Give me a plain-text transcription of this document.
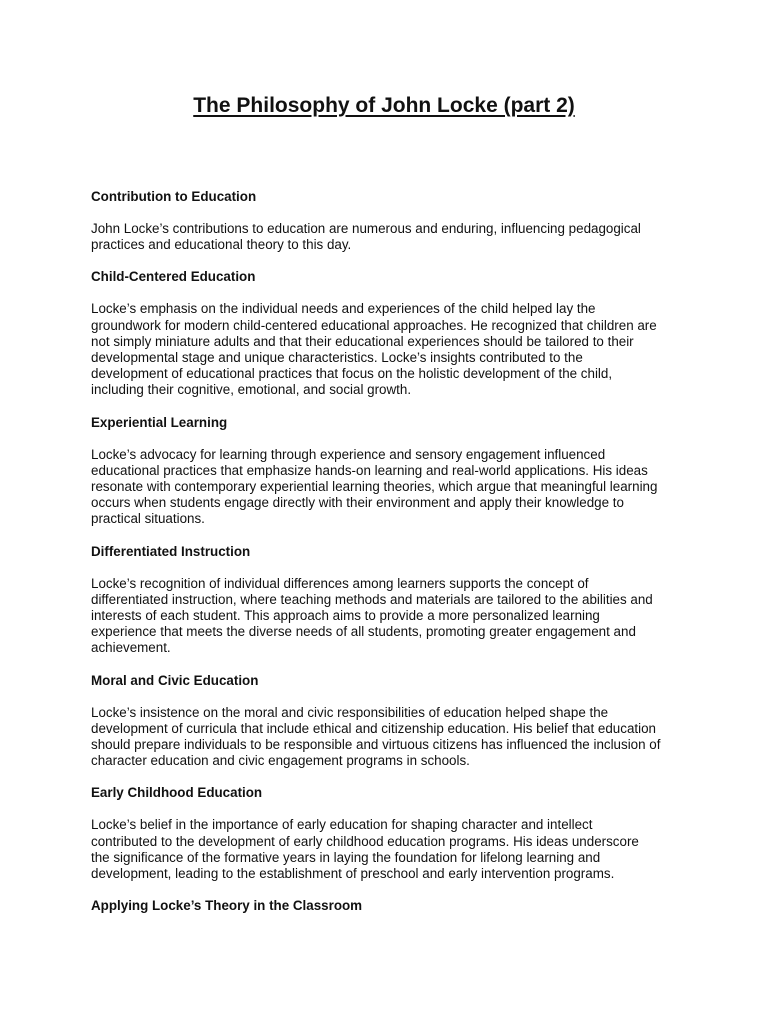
The Philosophy of John Locke (part 2)
Contribution to Education
John Locke’s contributions to education are numerous and enduring, influencing pedagogical
practices and educational theory to this day.
Child-Centered Education
Locke’s emphasis on the individual needs and experiences of the child helped lay the
groundwork for modern child-centered educational approaches. He recognized that children are
not simply miniature adults and that their educational experiences should be tailored to their
developmental stage and unique characteristics. Locke’s insights contributed to the
development of educational practices that focus on the holistic development of the child,
including their cognitive, emotional, and social growth.
Experiential Learning
Locke’s advocacy for learning through experience and sensory engagement influenced
educational practices that emphasize hands-on learning and real-world applications. His ideas
resonate with contemporary experiential learning theories, which argue that meaningful learning
occurs when students engage directly with their environment and apply their knowledge to
practical situations.
Differentiated Instruction
Locke’s recognition of individual differences among learners supports the concept of
differentiated instruction, where teaching methods and materials are tailored to the abilities and
interests of each student. This approach aims to provide a more personalized learning
experience that meets the diverse needs of all students, promoting greater engagement and
achievement.
Moral and Civic Education
Locke’s insistence on the moral and civic responsibilities of education helped shape the
development of curricula that include ethical and citizenship education. His belief that education
should prepare individuals to be responsible and virtuous citizens has influenced the inclusion of
character education and civic engagement programs in schools.
Early Childhood Education
Locke’s belief in the importance of early education for shaping character and intellect
contributed to the development of early childhood education programs. His ideas underscore
the significance of the formative years in laying the foundation for lifelong learning and
development, leading to the establishment of preschool and early intervention programs.
Applying Locke’s Theory in the Classroom
